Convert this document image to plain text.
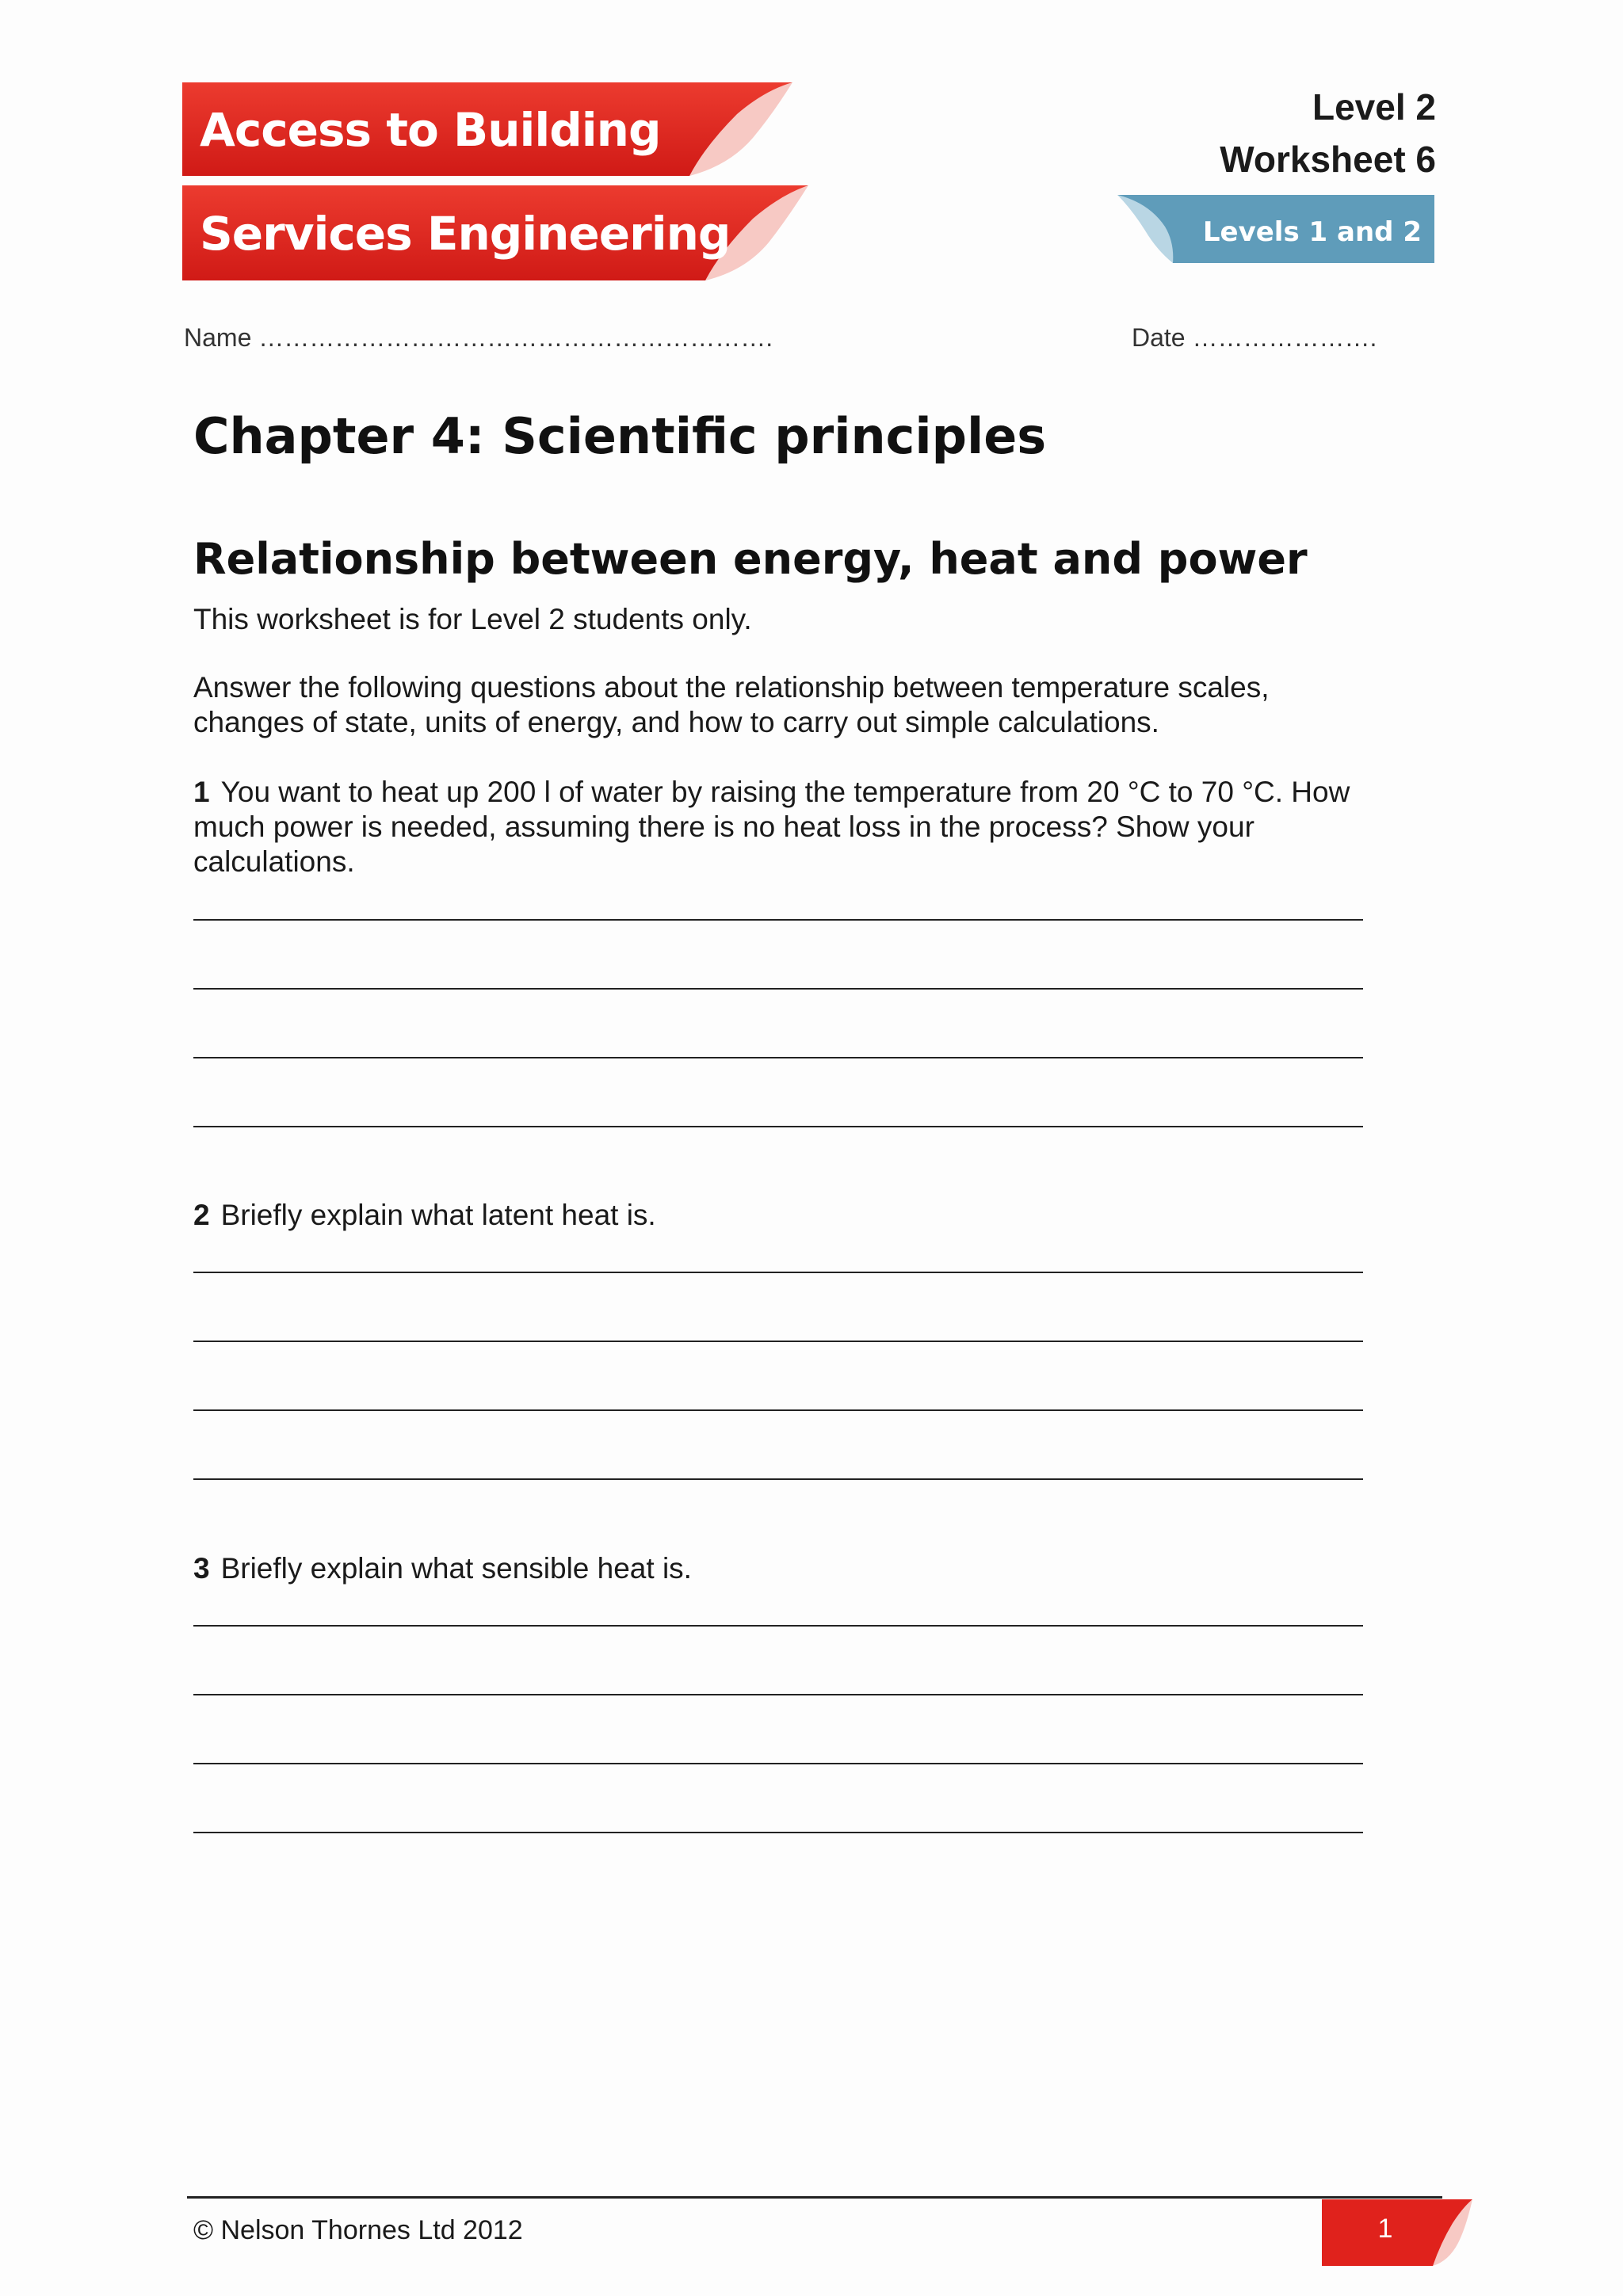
Access to Building
Services Engineering
Level 2
Worksheet 6
Levels 1 and 2
Name …………………………………………………….	Date ………………….
Chapter 4: Scientific principles
Relationship between energy, heat and power
This worksheet is for Level 2 students only.
Answer the following questions about the relationship between temperature scales, changes of state, units of energy, and how to carry out simple calculations.
1 You want to heat up 200 l of water by raising the temperature from 20 °C to 70 °C. How much power is needed, assuming there is no heat loss in the process? Show your calculations.
2 Briefly explain what latent heat is.
3 Briefly explain what sensible heat is.
© Nelson Thornes Ltd 2012	1
